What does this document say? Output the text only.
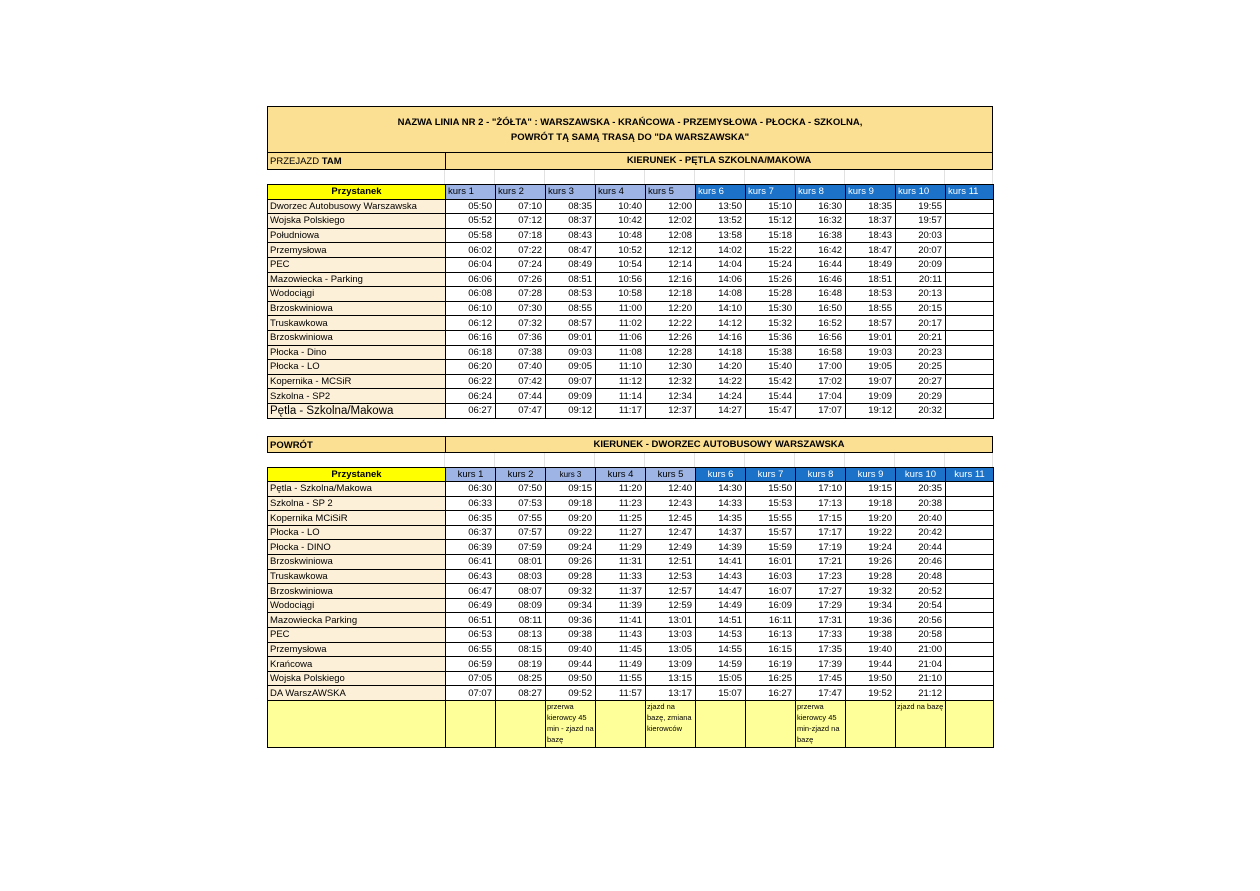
NAZWA LINIA NR 2 - "ŻÓŁTA" : WARSZAWSKA - KRAŃCOWA - PRZEMYSŁOWA - PŁOCKA - SZKOLNA,
POWRÓT TĄ SAMĄ TRASĄ DO "DA WARSZAWSKA"
PRZEJAZD TAM	KIERUNEK - PĘTLA SZKOLNA/MAKOWA
Przystanek	kurs 1	kurs 2	kurs 3	kurs 4	kurs 5	kurs 6	kurs 7	kurs 8	kurs 9	kurs 10	kurs 11
Dworzec Autobusowy Warszawska	05:50	07:10	08:35	10:40	12:00	13:50	15:10	16:30	18:35	19:55	
Wojska Polskiego	05:52	07:12	08:37	10:42	12:02	13:52	15:12	16:32	18:37	19:57	
Południowa	05:58	07:18	08:43	10:48	12:08	13:58	15:18	16:38	18:43	20:03	
Przemysłowa	06:02	07:22	08:47	10:52	12:12	14:02	15:22	16:42	18:47	20:07	
PEC	06:04	07:24	08:49	10:54	12:14	14:04	15:24	16:44	18:49	20:09	
Mazowiecka - Parking	06:06	07:26	08:51	10:56	12:16	14:06	15:26	16:46	18:51	20:11	
Wodociągi	06:08	07:28	08:53	10:58	12:18	14:08	15:28	16:48	18:53	20:13	
Brzoskwiniowa	06:10	07:30	08:55	11:00	12:20	14:10	15:30	16:50	18:55	20:15	
Truskawkowa	06:12	07:32	08:57	11:02	12:22	14:12	15:32	16:52	18:57	20:17	
Brzoskwiniowa	06:16	07:36	09:01	11:06	12:26	14:16	15:36	16:56	19:01	20:21	
Płocka - Dino	06:18	07:38	09:03	11:08	12:28	14:18	15:38	16:58	19:03	20:23	
Płocka - LO	06:20	07:40	09:05	11:10	12:30	14:20	15:40	17:00	19:05	20:25	
Kopernika - MCSiR	06:22	07:42	09:07	11:12	12:32	14:22	15:42	17:02	19:07	20:27	
Szkolna - SP2	06:24	07:44	09:09	11:14	12:34	14:24	15:44	17:04	19:09	20:29	
Pętla - Szkolna/Makowa	06:27	07:47	09:12	11:17	12:37	14:27	15:47	17:07	19:12	20:32	
POWRÓT	KIERUNEK - DWORZEC AUTOBUSOWY WARSZAWSKA
Przystanek	kurs 1	kurs 2	kurs 3	kurs 4	kurs 5	kurs 6	kurs 7	kurs 8	kurs 9	kurs 10	kurs 11
Pętla - Szkolna/Makowa	06:30	07:50	09:15	11:20	12:40	14:30	15:50	17:10	19:15	20:35	
Szkolna - SP 2	06:33	07:53	09:18	11:23	12:43	14:33	15:53	17:13	19:18	20:38	
Kopernika MCiSiR	06:35	07:55	09:20	11:25	12:45	14:35	15:55	17:15	19:20	20:40	
Płocka - LO	06:37	07:57	09:22	11:27	12:47	14:37	15:57	17:17	19:22	20:42	
Płocka - DINO	06:39	07:59	09:24	11:29	12:49	14:39	15:59	17:19	19:24	20:44	
Brzoskwiniowa	06:41	08:01	09:26	11:31	12:51	14:41	16:01	17:21	19:26	20:46	
Truskawkowa	06:43	08:03	09:28	11:33	12:53	14:43	16:03	17:23	19:28	20:48	
Brzoskwiniowa	06:47	08:07	09:32	11:37	12:57	14:47	16:07	17:27	19:32	20:52	
Wodociągi	06:49	08:09	09:34	11:39	12:59	14:49	16:09	17:29	19:34	20:54	
Mazowiecka Parking	06:51	08:11	09:36	11:41	13:01	14:51	16:11	17:31	19:36	20:56	
PEC	06:53	08:13	09:38	11:43	13:03	14:53	16:13	17:33	19:38	20:58	
Przemysłowa	06:55	08:15	09:40	11:45	13:05	14:55	16:15	17:35	19:40	21:00	
Krańcowa	06:59	08:19	09:44	11:49	13:09	14:59	16:19	17:39	19:44	21:04	
Wojska Polskiego	07:05	08:25	09:50	11:55	13:15	15:05	16:25	17:45	19:50	21:10	
DA WarszAWSKA	07:07	08:27	09:52	11:57	13:17	15:07	16:27	17:47	19:52	21:12	
			przerwa kierowcy 45 min - zjazd na bazę		zjazd na bazę, zmiana kierowców			przerwa kierowcy 45 min-zjazd na bazę		zjazd na bazę	
